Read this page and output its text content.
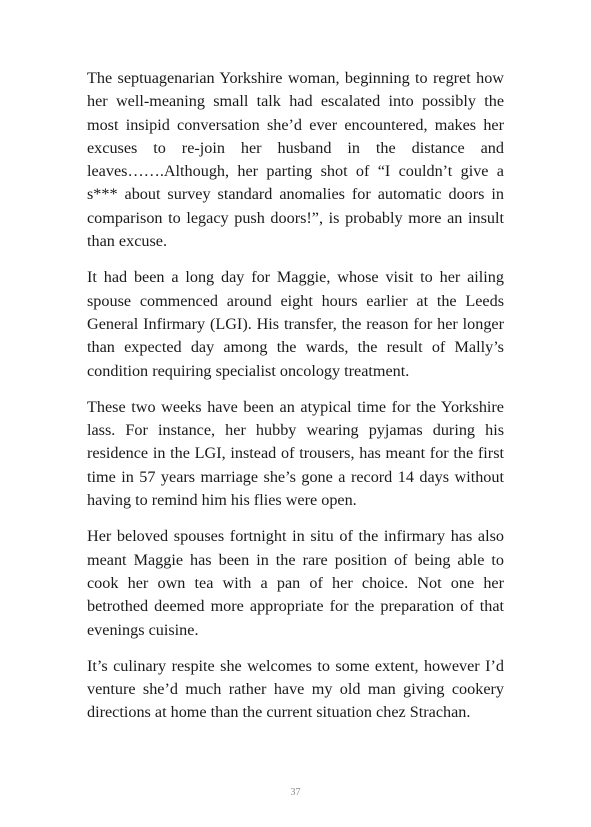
The septuagenarian Yorkshire woman, beginning to regret how her well-meaning small talk had escalated into possibly the most insipid conversation she’d ever encountered, makes her excuses to re-join her husband in the distance and leaves…….Although, her parting shot of “I couldn’t give a s*** about survey standard anomalies for automatic doors in comparison to legacy push doors!”, is probably more an insult than excuse.

It had been a long day for Maggie, whose visit to her ailing spouse commenced around eight hours earlier at the Leeds General Infirmary (LGI). His transfer, the reason for her longer than expected day among the wards, the result of Mally’s condition requiring specialist oncology treatment.

These two weeks have been an atypical time for the Yorkshire lass. For instance, her hubby wearing pyjamas during his residence in the LGI, instead of trousers, has meant for the first time in 57 years marriage she’s gone a record 14 days without having to remind him his flies were open.

Her beloved spouses fortnight in situ of the infirmary has also meant Maggie has been in the rare position of being able to cook her own tea with a pan of her choice. Not one her betrothed deemed more appropriate for the preparation of that evenings cuisine.

It’s culinary respite she welcomes to some extent, however I’d venture she’d much rather have my old man giving cookery directions at home than the current situation chez Strachan.

37
